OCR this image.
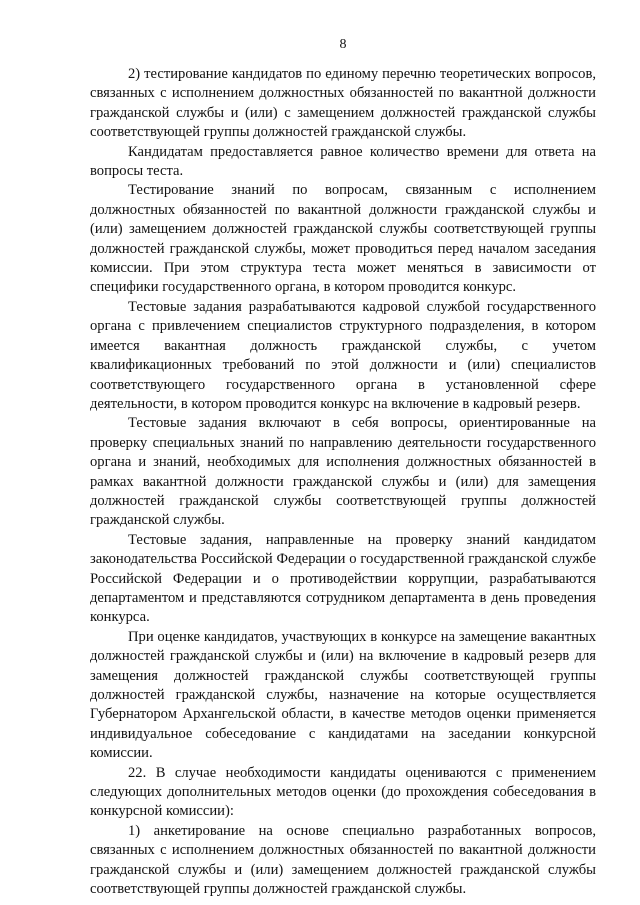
8

2) тестирование кандидатов по единому перечню теоретических вопросов, связанных с исполнением должностных обязанностей по вакантной должности гражданской службы и (или) с замещением должностей гражданской службы соответствующей группы должностей гражданской службы.

Кандидатам предоставляется равное количество времени для ответа на вопросы теста.

Тестирование знаний по вопросам, связанным с исполнением должностных обязанностей по вакантной должности гражданской службы и (или) замещением должностей гражданской службы соответствующей группы должностей гражданской службы, может проводиться перед началом заседания комиссии. При этом структура теста может меняться в зависимости от специфики государственного органа, в котором проводится конкурс.

Тестовые задания разрабатываются кадровой службой государственного органа с привлечением специалистов структурного подразделения, в котором имеется вакантная должность гражданской службы, с учетом квалификационных требований по этой должности и (или) специалистов соответствующего государственного органа в установленной сфере деятельности, в котором проводится конкурс на включение в кадровый резерв.

Тестовые задания включают в себя вопросы, ориентированные на проверку специальных знаний по направлению деятельности государственного органа и знаний, необходимых для исполнения должностных обязанностей в рамках вакантной должности гражданской службы и (или) для замещения должностей гражданской службы соответствующей группы должностей гражданской службы.

Тестовые задания, направленные на проверку знаний кандидатом законодательства Российской Федерации о государственной гражданской службе Российской Федерации и о противодействии коррупции, разрабатываются департаментом и представляются сотрудником департамента в день проведения конкурса.

При оценке кандидатов, участвующих в конкурсе на замещение вакантных должностей гражданской службы и (или) на включение в кадровый резерв для замещения должностей гражданской службы соответствующей группы должностей гражданской службы, назначение на которые осуществляется Губернатором Архангельской области, в качестве методов оценки применяется индивидуальное собеседование с кандидатами на заседании конкурсной комиссии.

22. В случае необходимости кандидаты оцениваются с применением следующих дополнительных методов оценки (до прохождения собеседования в конкурсной комиссии):

1) анкетирование на основе специально разработанных вопросов, связанных с исполнением должностных обязанностей по вакантной должности гражданской службы и (или) замещением должностей гражданской службы соответствующей группы должностей гражданской службы.
